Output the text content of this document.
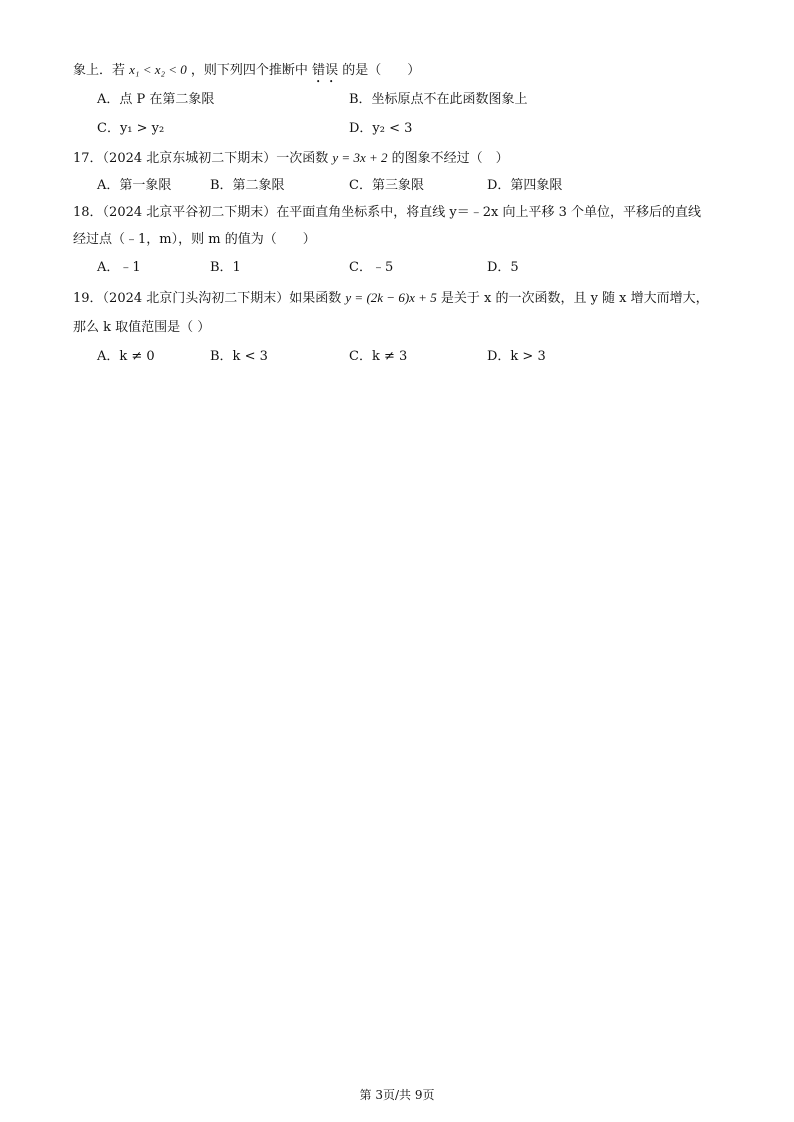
象上．若 x₁ < x₂ < 0 ，则下列四个推断中 错误 的是（　　）
A．点 P 在第二象限	B．坐标原点不在此函数图象上
C．y₁ > y₂	D．y₂ < 3
17．（2024 北京东城初二下期末）一次函数 y = 3x + 2 的图象不经过（　）
A．第一象限	B．第二象限	C．第三象限	D．第四象限
18．（2024 北京平谷初二下期末）在平面直角坐标系中，将直线 y＝﹣2x 向上平移 3 个单位，平移后的直线
经过点（﹣1，m），则 m 的值为（　　）
A．﹣1	B．1	C．﹣5	D．5
19．（2024 北京门头沟初二下期末）如果函数 y = (2k − 6)x + 5 是关于 x 的一次函数，且 y 随 x 增大而增大，
那么 k 取值范围是（ ）
A．k ≠ 0	B．k < 3	C．k ≠ 3	D．k > 3
第 3页/共 9页
